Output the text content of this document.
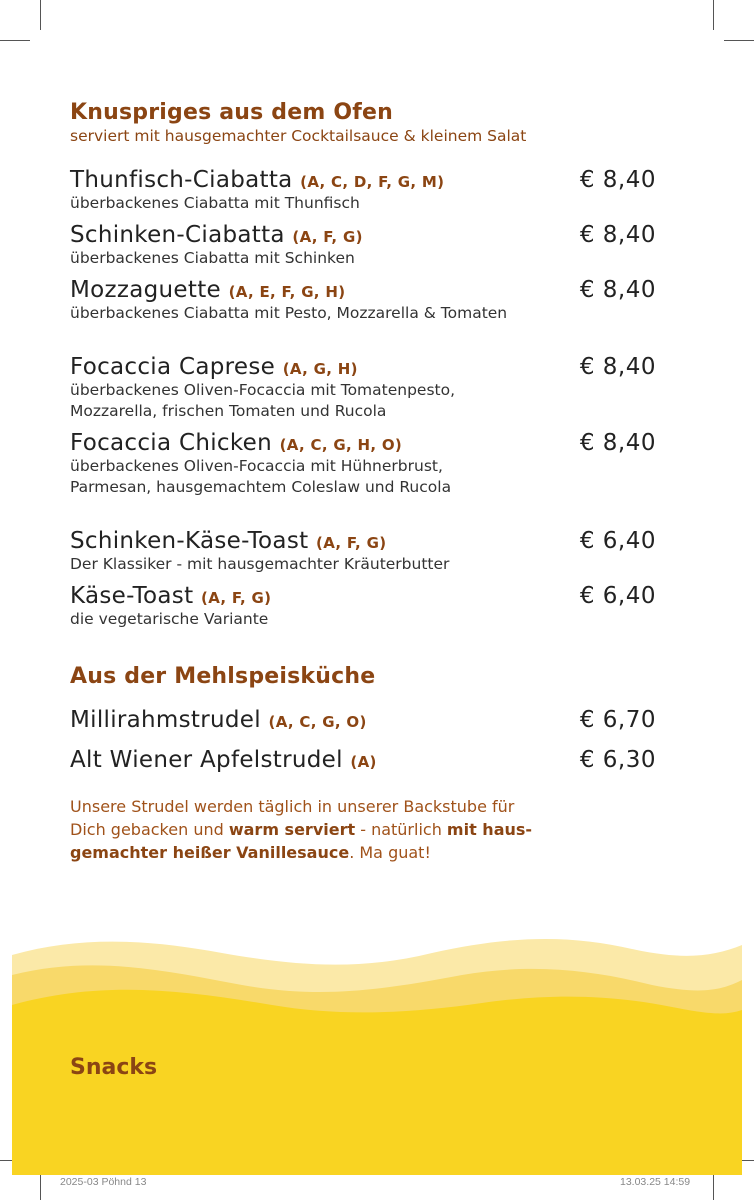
Knuspriges aus dem Ofen
serviert mit hausgemachter Cocktailsauce & kleinem Salat
Thunfisch-Ciabatta (A, C, D, F, G, M)	€ 8,40
überbackenes Ciabatta mit Thunfisch
Schinken-Ciabatta (A, F, G)	€ 8,40
überbackenes Ciabatta mit Schinken
Mozzaguette (A, E, F, G, H)	€ 8,40
überbackenes Ciabatta mit Pesto, Mozzarella & Tomaten
Focaccia Caprese (A, G, H)	€ 8,40
überbackenes Oliven-Focaccia mit Tomatenpesto,
Mozzarella, frischen Tomaten und Rucola
Focaccia Chicken (A, C, G, H, O)	€ 8,40
überbackenes Oliven-Focaccia mit Hühnerbrust,
Parmesan, hausgemachtem Coleslaw und Rucola
Schinken-Käse-Toast (A, F, G)	€ 6,40
Der Klassiker - mit hausgemachter Kräuterbutter
Käse-Toast (A, F, G)	€ 6,40
die vegetarische Variante
Aus der Mehlspeisküche
Millirahmstrudel (A, C, G, O)	€ 6,70
Alt Wiener Apfelstrudel (A)	€ 6,30
Unsere Strudel werden täglich in unserer Backstube für Dich gebacken und warm serviert - natürlich mit haus-gemachter heißer Vanillesauce. Ma guat!
Snacks
2025-03 Pöhnd 13	13.03.25 14:59
